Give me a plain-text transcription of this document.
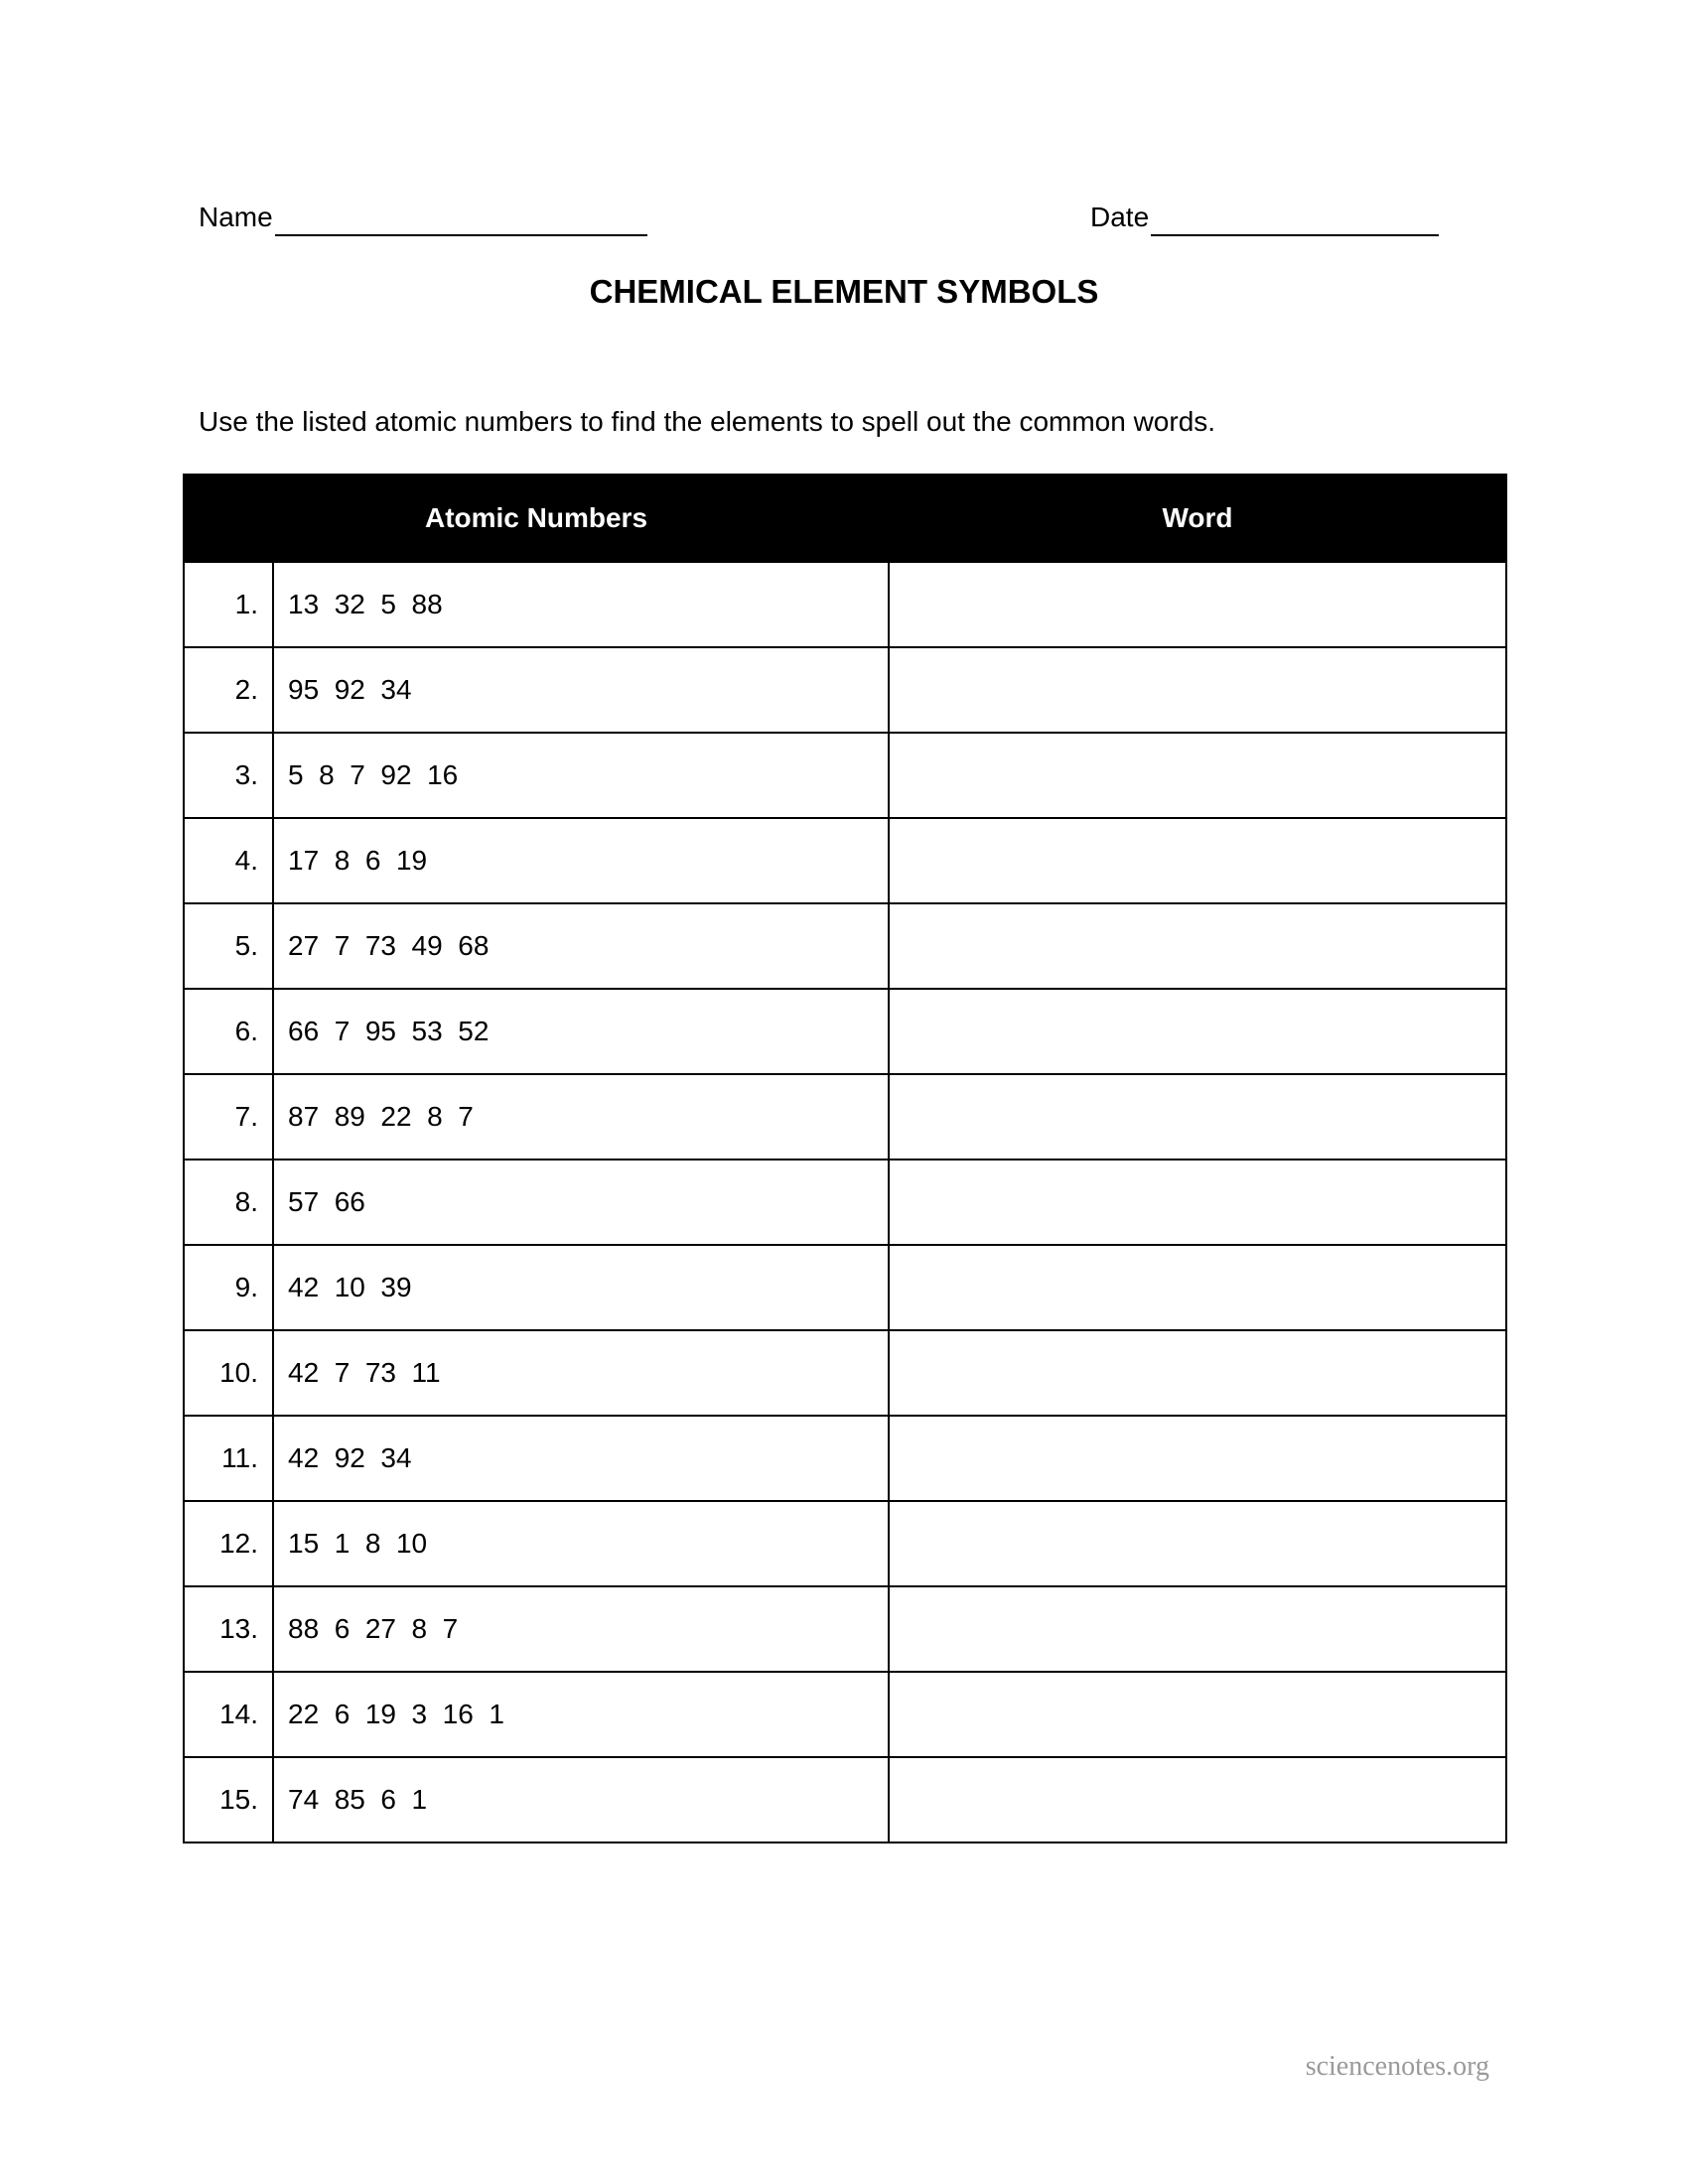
Name	Date
CHEMICAL ELEMENT SYMBOLS
Use the listed atomic numbers to find the elements to spell out the common words.
Atomic Numbers		Word
1.	13  32  5  88	
2.	95  92  34	
3.	5  8  7  92  16	
4.	17  8  6  19	
5.	27  7  73  49  68	
6.	66  7  95  53  52	
7.	87  89  22  8  7	
8.	57  66	
9.	42  10  39	
10.	42  7  73  11	
11.	42  92  34	
12.	15  1  8  10	
13.	88  6  27  8  7	
14.	22  6  19  3  16  1	
15.	74  85  6  1	
sciencenotes.org
